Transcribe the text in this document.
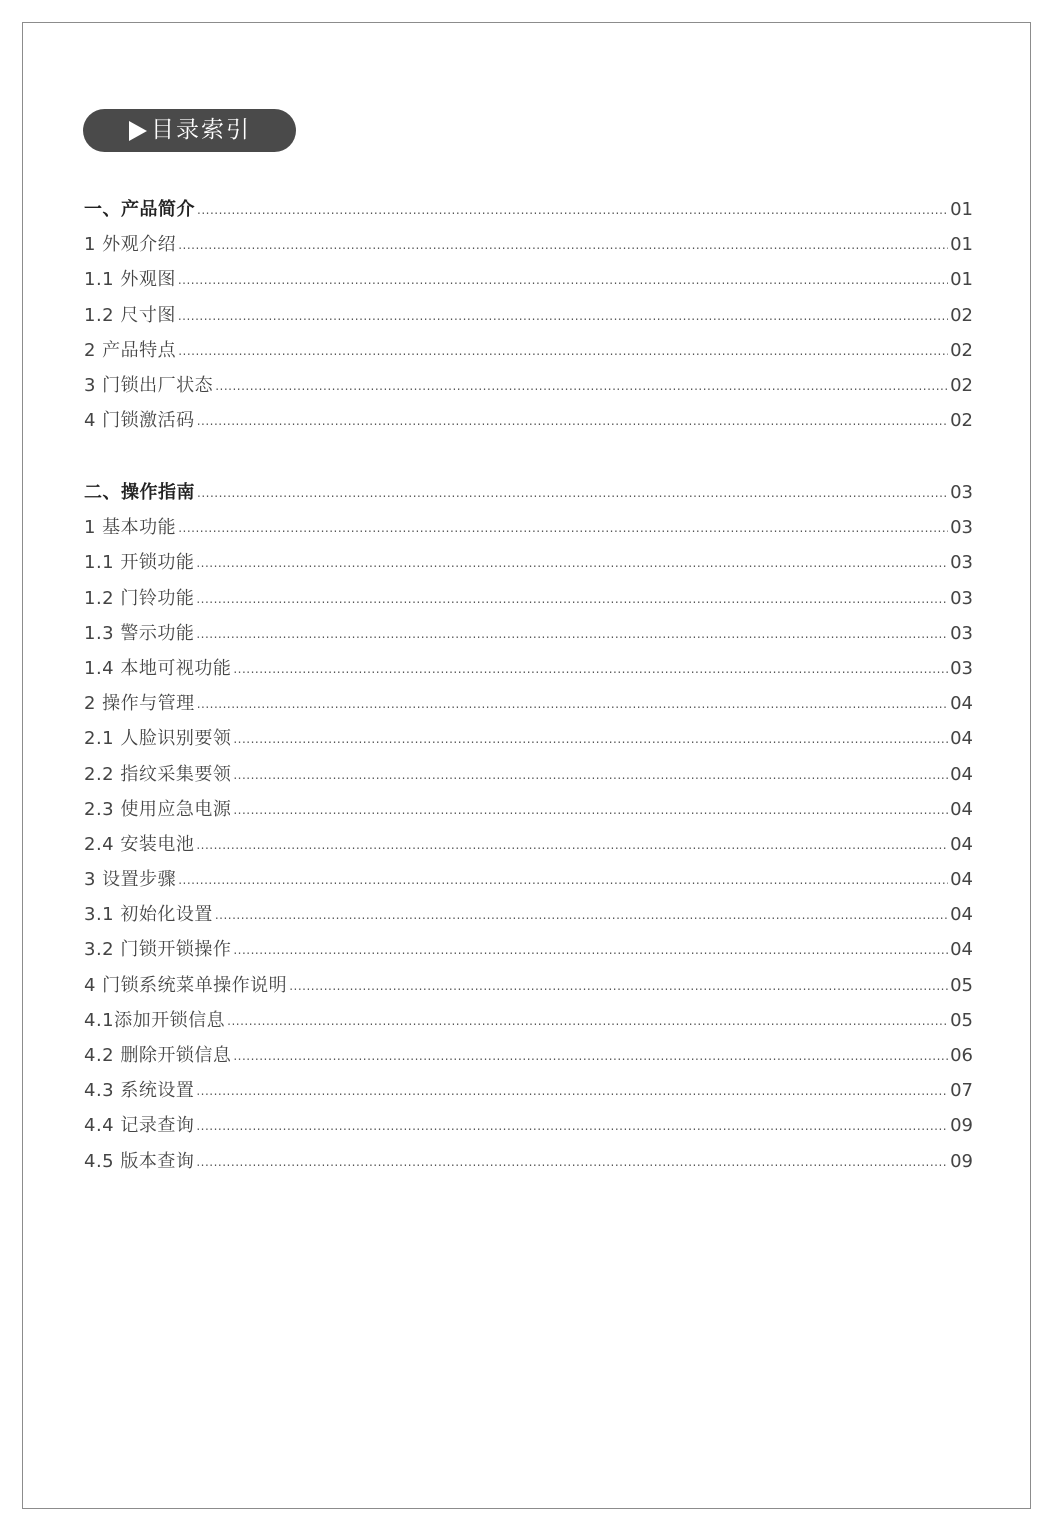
目录索引
一、产品简介 .....	01
1 外观介绍 .....	01
1.1 外观图 .....	01
1.2 尺寸图 .....	02
2 产品特点 .....	02
3 门锁出厂状态 .....	02
4 门锁激活码 .....	02
二、操作指南 .....	03
1 基本功能 .....	03
1.1 开锁功能 .....	03
1.2 门铃功能 .....	03
1.3 警示功能 .....	03
1.4 本地可视功能 .....	03
2 操作与管理 .....	04
2.1 人脸识别要领 .....	04
2.2 指纹采集要领 .....	04
2.3 使用应急电源 .....	04
2.4 安装电池 .....	04
3 设置步骤 .....	04
3.1 初始化设置 .....	04
3.2 门锁开锁操作 .....	04
4 门锁系统菜单操作说明 .....	05
4.1添加开锁信息 .....	05
4.2 删除开锁信息 .....	06
4.3 系统设置 .....	07
4.4 记录查询 .....	09
4.5 版本查询 .....	09
